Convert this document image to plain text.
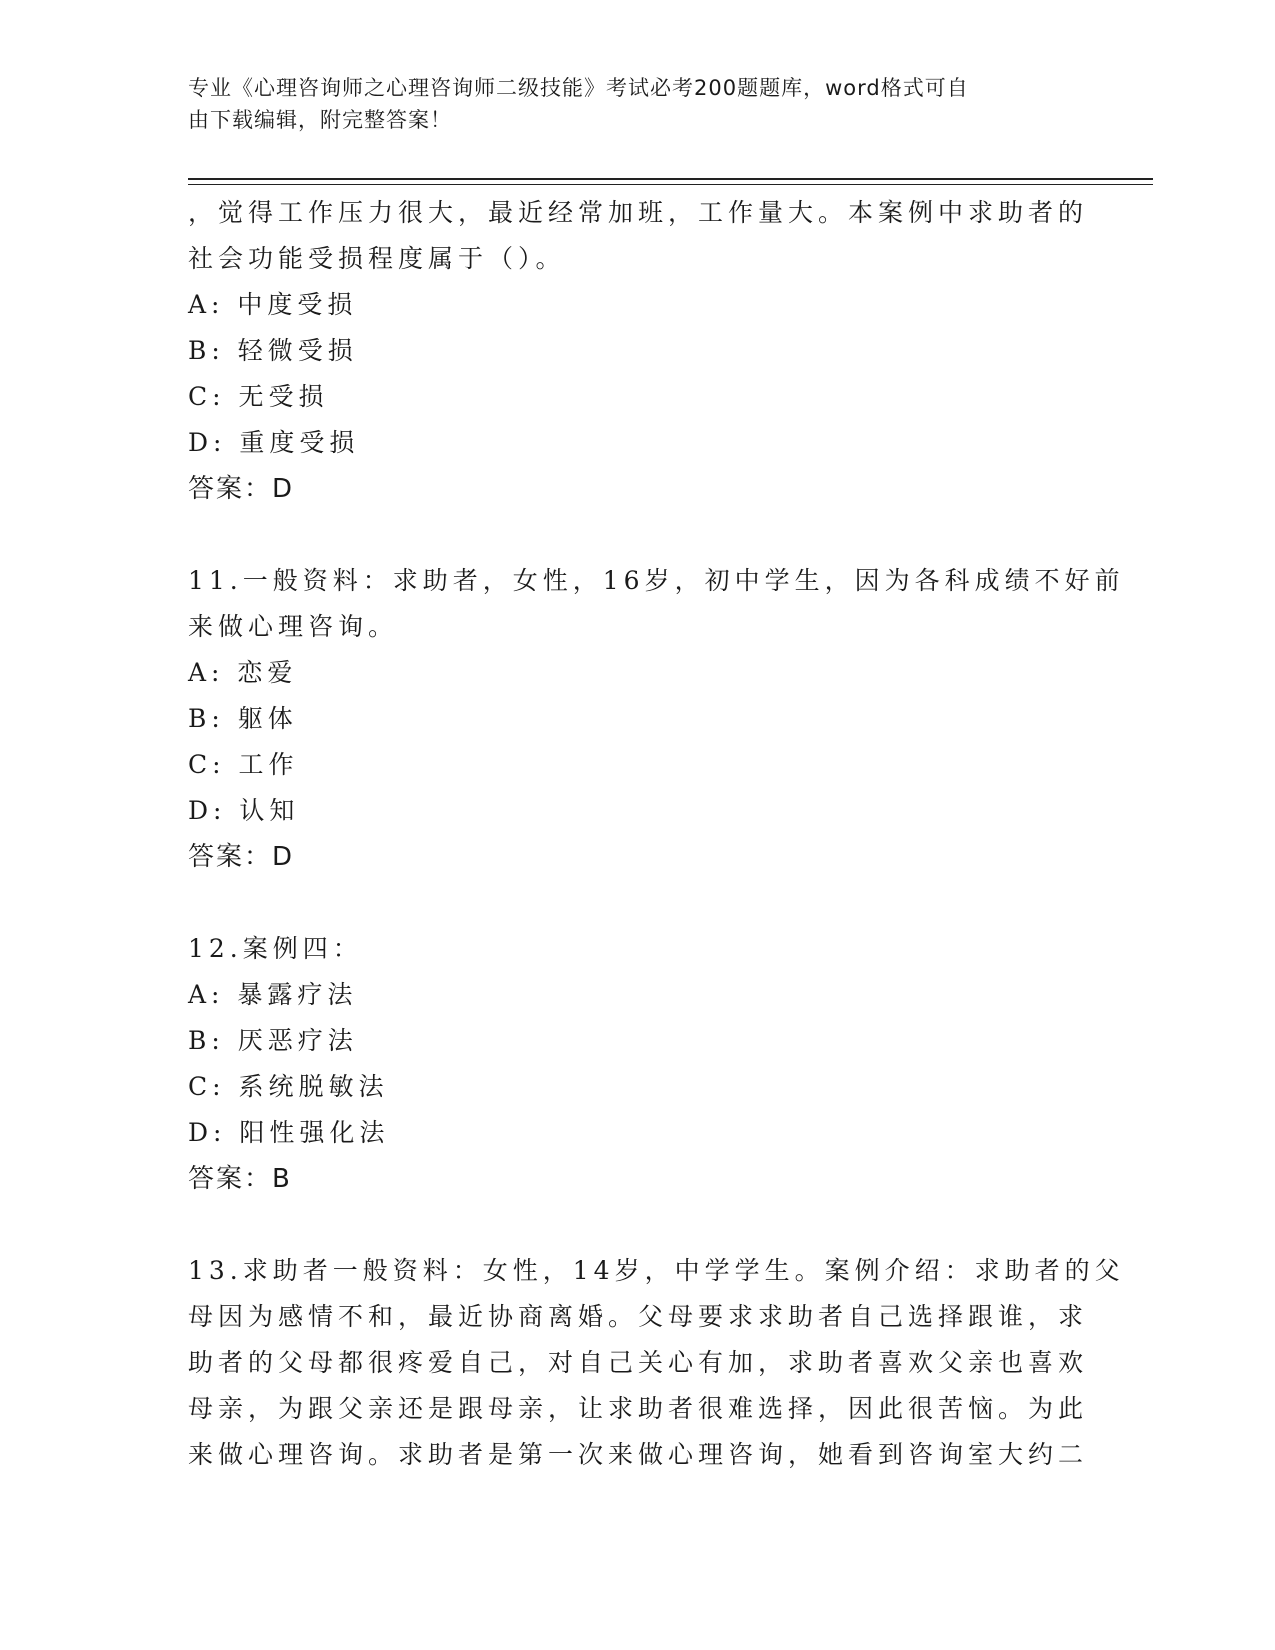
专业《心理咨询师之心理咨询师二级技能》考试必考200题题库，word格式可自
由下载编辑，附完整答案！
，觉得工作压力很大，最近经常加班，工作量大。本案例中求助者的
社会功能受损程度属于（）。
A: 中度受损
B: 轻微受损
C: 无受损
D: 重度受损
答案：D
11.一般资料：求助者，女性，16岁，初中学生，因为各科成绩不好前
来做心理咨询。
A: 恋爱
B: 躯体
C: 工作
D: 认知
答案：D
12.案例四：
A: 暴露疗法
B: 厌恶疗法
C: 系统脱敏法
D: 阳性强化法
答案：B
13.求助者一般资料：女性，14岁，中学学生。案例介绍：求助者的父
母因为感情不和，最近协商离婚。父母要求求助者自己选择跟谁，求
助者的父母都很疼爱自己，对自己关心有加，求助者喜欢父亲也喜欢
母亲，为跟父亲还是跟母亲，让求助者很难选择，因此很苦恼。为此
来做心理咨询。求助者是第一次来做心理咨询，她看到咨询室大约二
